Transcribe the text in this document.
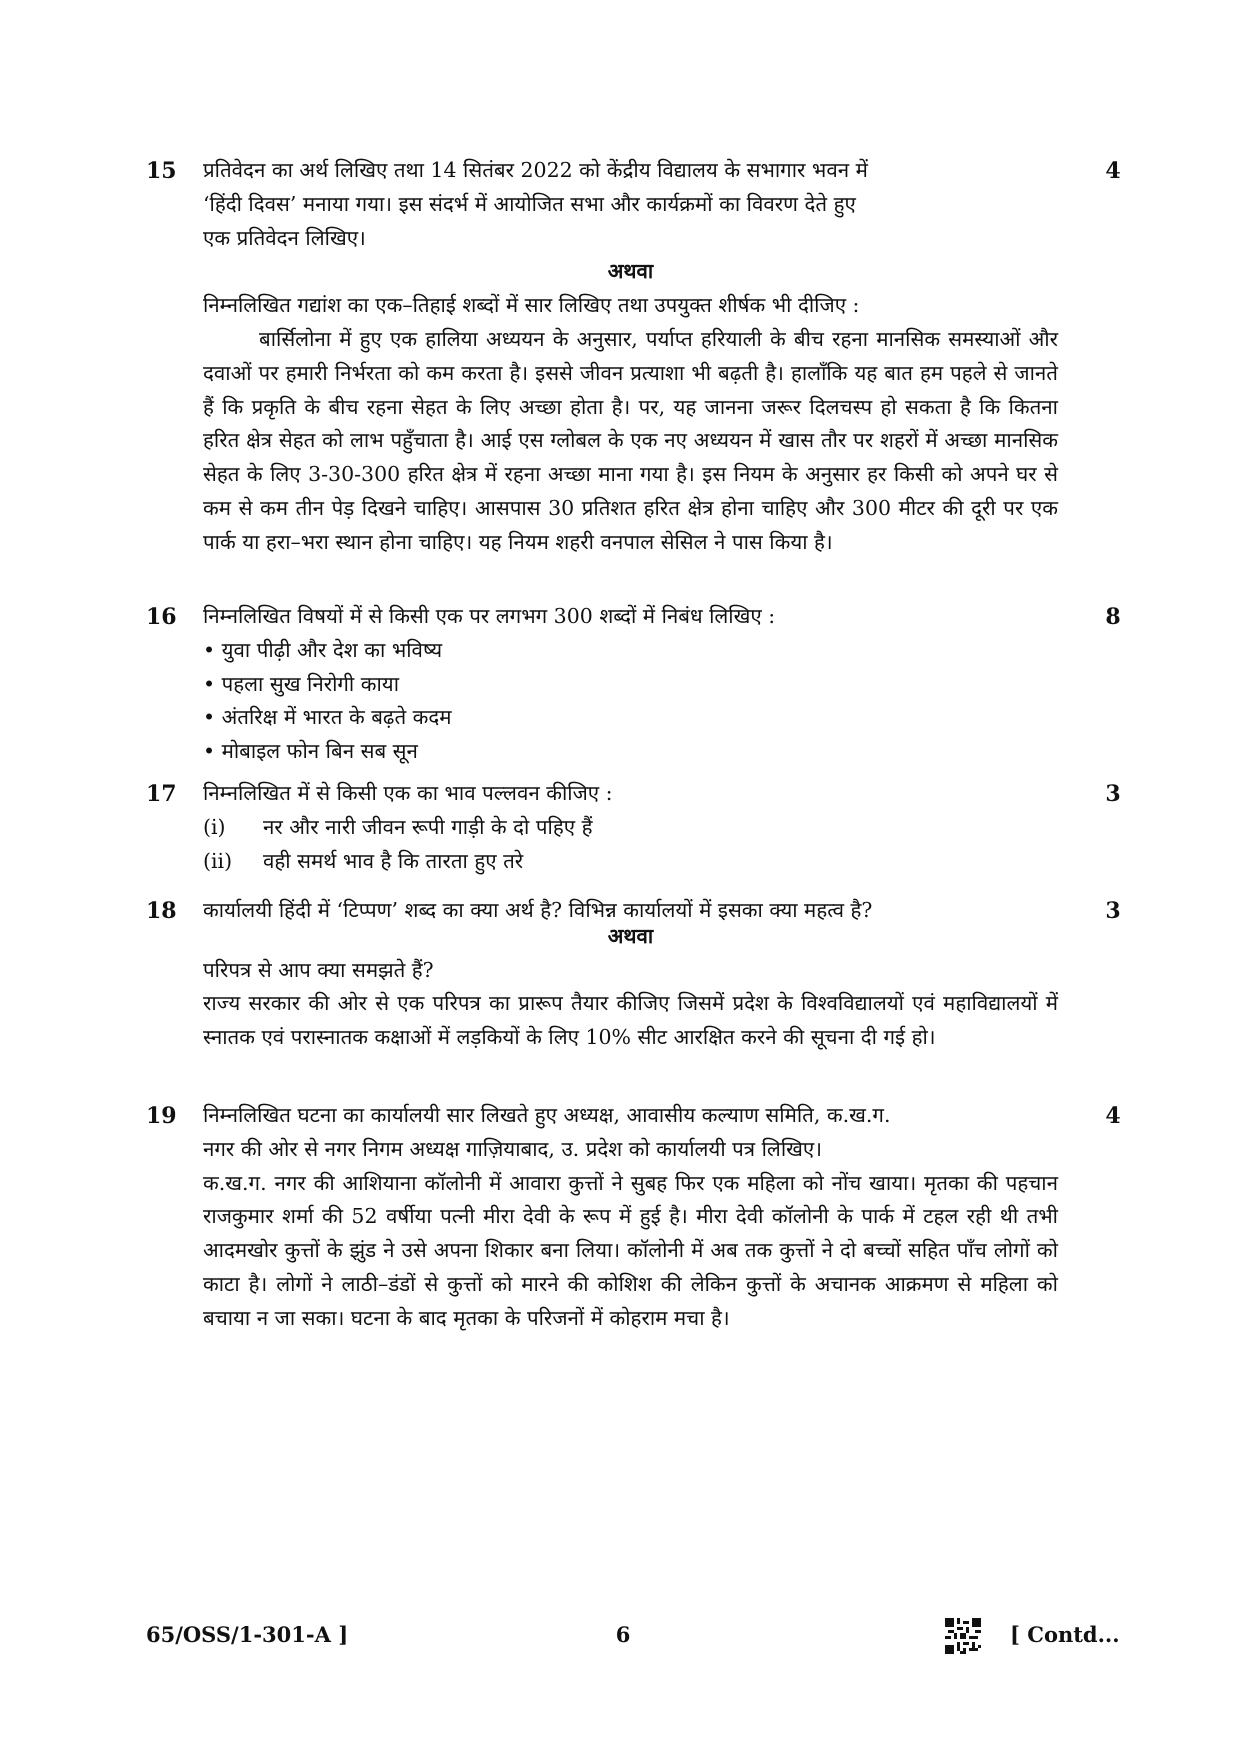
15	4
प्रतिवेदन का अर्थ लिखिए तथा 14 सितंबर 2022 को केंद्रीय विद्यालय के सभागार भवन में
‘हिंदी दिवस’ मनाया गया। इस संदर्भ में आयोजित सभा और कार्यक्रमों का विवरण देते हुए
एक प्रतिवेदन लिखिए।
अथवा
निम्नलिखित गद्यांश का एक–तिहाई शब्दों में सार लिखिए तथा उपयुक्त शीर्षक भी दीजिए :
बार्सिलोना में हुए एक हालिया अध्ययन के अनुसार, पर्याप्त हरियाली के बीच रहना मानसिक समस्याओं और दवाओं पर हमारी निर्भरता को कम करता है। इससे जीवन प्रत्याशा भी बढ़ती है। हालाँकि यह बात हम पहले से जानते हैं कि प्रकृति के बीच रहना सेहत के लिए अच्छा होता है। पर, यह जानना जरूर दिलचस्प हो सकता है कि कितना हरित क्षेत्र सेहत को लाभ पहुँचाता है। आई एस ग्लोबल के एक नए अध्ययन में खास तौर पर शहरों में अच्छा मानसिक सेहत के लिए 3-30-300 हरित क्षेत्र में रहना अच्छा माना गया है। इस नियम के अनुसार हर किसी को अपने घर से कम से कम तीन पेड़ दिखने चाहिए। आसपास 30 प्रतिशत हरित क्षेत्र होना चाहिए और 300 मीटर की दूरी पर एक पार्क या हरा–भरा स्थान होना चाहिए। यह नियम शहरी वनपाल सेसिल ने पास किया है।
16	8
निम्नलिखित विषयों में से किसी एक पर लगभग 300 शब्दों में निबंध लिखिए :
• युवा पीढ़ी और देश का भविष्य
• पहला सुख निरोगी काया
• अंतरिक्ष में भारत के बढ़ते कदम
• मोबाइल फोन बिन सब सून
17	3
निम्नलिखित में से किसी एक का भाव पल्लवन कीजिए :
(i) नर और नारी जीवन रूपी गाड़ी के दो पहिए हैं
(ii) वही समर्थ भाव है कि तारता हुए तरे
18	3
कार्यालयी हिंदी में ‘टिप्पण’ शब्द का क्या अर्थ है? विभिन्न कार्यालयों में इसका क्या महत्व है?
अथवा
परिपत्र से आप क्या समझते हैं?
राज्य सरकार की ओर से एक परिपत्र का प्रारूप तैयार कीजिए जिसमें प्रदेश के विश्वविद्यालयों एवं महाविद्यालयों में स्नातक एवं परास्नातक कक्षाओं में लड़कियों के लिए 10% सीट आरक्षित करने की सूचना दी गई हो।
19	4
निम्नलिखित घटना का कार्यालयी सार लिखते हुए अध्यक्ष, आवासीय कल्याण समिति, क.ख.ग.
नगर की ओर से नगर निगम अध्यक्ष गाज़ियाबाद, उ. प्रदेश को कार्यालयी पत्र लिखिए।
क.ख.ग. नगर की आशियाना कॉलोनी में आवारा कुत्तों ने सुबह फिर एक महिला को नोंच खाया। मृतका की पहचान राजकुमार शर्मा की 52 वर्षीया पत्नी मीरा देवी के रूप में हुई है। मीरा देवी कॉलोनी के पार्क में टहल रही थी तभी आदमखोर कुत्तों के झुंड ने उसे अपना शिकार बना लिया। कॉलोनी में अब तक कुत्तों ने दो बच्चों सहित पाँच लोगों को काटा है। लोगों ने लाठी–डंडों से कुत्तों को मारने की कोशिश की लेकिन कुत्तों के अचानक आक्रमण से महिला को बचाया न जा सका। घटना के बाद मृतका के परिजनों में कोहराम मचा है।
65/OSS/1-301-A ]	6	[ Contd...
